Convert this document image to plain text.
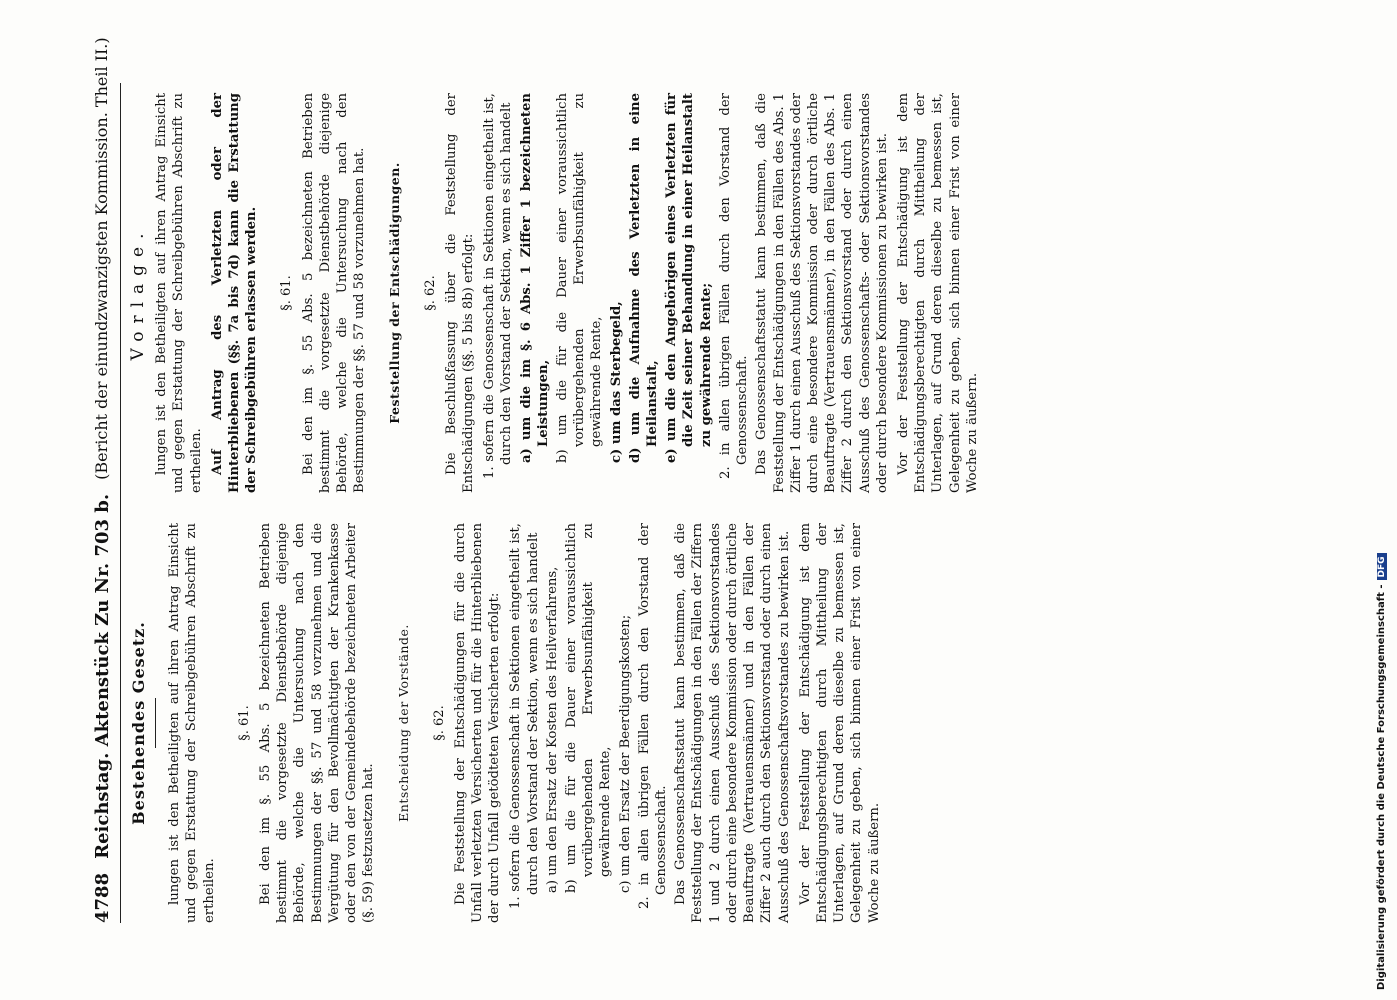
4788
Reichstag. Aktenstück Zu Nr. 703 b.
(Bericht der einundzwanzigsten Kommission. Theil II.)
Bestehendes Gesetz. lungen ist den Betheiligten auf ihren Antrag Einsicht und gegen Erstattung der Schreibgebühren Abschrift zu ertheilen.

§. 61. Bei den im §. 55 Abs. 5 bezeichneten Betrieben bestimmt die vorgesetzte Dienstbehörde diejenige Behörde, welche die Untersuchung nach den Bestimmungen der §§. 57 und 58 vorzunehmen und die Vergütung für den Bevollmächtigten der Krankenkasse oder den von der Gemeindebehörde bezeichneten Arbeiter (§. 59) festzusetzen hat.

Entscheidung der Vorstände. §. 62. Die Feststellung der Entschädigungen für die durch Unfall verletzten Versicherten und für die Hinterbliebenen der durch Unfall getödteten Versicherten erfolgt: 1. sofern die Genossenschaft in Sektionen eingetheilt ist, durch den Vorstand der Sektion, wenn es sich handelt a) um den Ersatz der Kosten des Heilverfahrens, b) um die für die Dauer einer voraussichtlich vorübergehenden Erwerbsunfähigkeit zu gewährende Rente, c) um den Ersatz der Beerdigungskosten; 2. in allen übrigen Fällen durch den Vorstand der Genossenschaft. Das Genossenschaftsstatut kann bestimmen, daß die Feststellung der Entschädigungen in den Fällen der Ziffern 1 und 2 durch einen Ausschuß des Sektionsvorstandes oder durch eine besondere Kommission oder durch örtliche Beauftragte (Vertrauensmänner) und in den Fällen der Ziffer 2 auch durch den Sektionsvorstand oder durch einen Ausschuß des Genossenschaftsvorstandes zu bewirken ist. Vor der Feststellung der Entschädigung ist dem Entschädigungsberechtigten durch Mittheilung der Unterlagen, auf Grund deren dieselbe zu bemessen ist, Gelegenheit zu geben, sich binnen einer Frist von einer Woche zu äußern.

Vorlage. lungen ist den Betheiligten auf ihren Antrag Einsicht und gegen Erstattung der Schreibgebühren Abschrift zu ertheilen. Auf Antrag des Verletzten oder der Hinterbliebenen (§§. 7a bis 7d) kann die Erstattung der Schreibgebühren erlassen werden. §. 61. Bei den im §. 55 Abs. 5 bezeichneten Betrieben bestimmt die vorgesetzte Dienstbehörde diejenige Behörde, welche die Untersuchung nach den Bestimmungen der §§. 57 und 58 vorzunehmen hat. Feststellung der Entschädigungen. §. 62. Die Beschlußfassung über die Feststellung der Entschädigungen (§§. 5 bis 8b) erfolgt: 1. sofern die Genossenschaft in Sektionen eingetheilt ist, durch den Vorstand der Sektion, wenn es sich handelt a) um die im §. 6 Abs. 1 Ziffer 1 bezeichneten Leistungen, b) um die für die Dauer einer voraussichtlich vorübergehenden Erwerbsunfähigkeit zu gewährende Rente, c) um das Sterbegeld, d) um die Aufnahme des Verletzten in eine Heilanstalt, e) um die den Angehörigen eines Verletzten für die Zeit seiner Behandlung in einer Heilanstalt zu gewährende Rente; 2. in allen übrigen Fällen durch den Vorstand der Genossenschaft. Das Genossenschaftsstatut kann bestimmen, daß die Feststellung der Entschädigungen in den Fällen des Abs. 1 Ziffer 1 durch einen Ausschuß des Sektionsvorstandes oder durch eine besondere Kommission oder durch örtliche Beauftragte (Vertrauensmänner), in den Fällen des Abs. 1 Ziffer 2 durch den Sektionsvorstand oder durch einen Ausschuß des Genossenschafts- oder Sektionsvorstandes oder durch besondere Kommissionen zu bewirken ist. Vor der Feststellung der Entschädigung ist dem Entschädigungsberechtigten durch Mittheilung der Unterlagen, auf Grund deren dieselbe zu bemessen ist, Gelegenheit zu geben, sich binnen einer Frist von einer Woche zu äußern.

Digitalisierung gefördert durch die Deutsche Forschungsgemeinschaft -DFG
